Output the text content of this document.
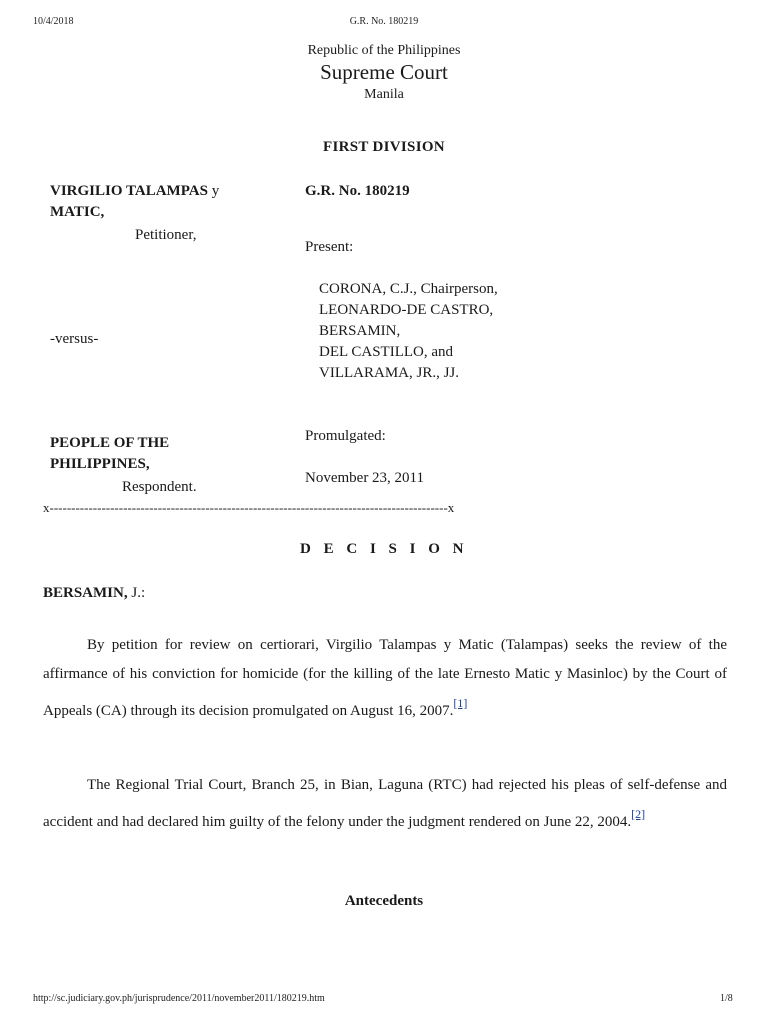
10/4/2018	G.R. No. 180219
Republic of the Philippines
Supreme Court
Manila
FIRST DIVISION
VIRGILIO TALAMPAS y
MATIC,
Petitioner,
-versus-
PEOPLE OF THE PHILIPPINES,
Respondent.
G.R. No. 180219
Present:
CORONA, C.J., Chairperson,
LEONARDO-DE CASTRO,
BERSAMIN,
DEL CASTILLO, and
VILLARAMA, JR., JJ.
Promulgated:
November 23, 2011
x--------------------------------------------------------------------------------------------x
D E C I S I O N
BERSAMIN, J.:

By petition for review on certiorari, Virgilio Talampas y Matic (Talampas) seeks the review of the affirmance of his conviction for homicide (for the killing of the late Ernesto Matic y Masinloc) by the Court of Appeals (CA) through its decision promulgated on August 16, 2007.[1]

The Regional Trial Court, Branch 25, in Bian, Laguna (RTC) had rejected his pleas of self-defense and accident and had declared him guilty of the felony under the judgment rendered on June 22, 2004.[2]

Antecedents
http://sc.judiciary.gov.ph/jurisprudence/2011/november2011/180219.htm	1/8
